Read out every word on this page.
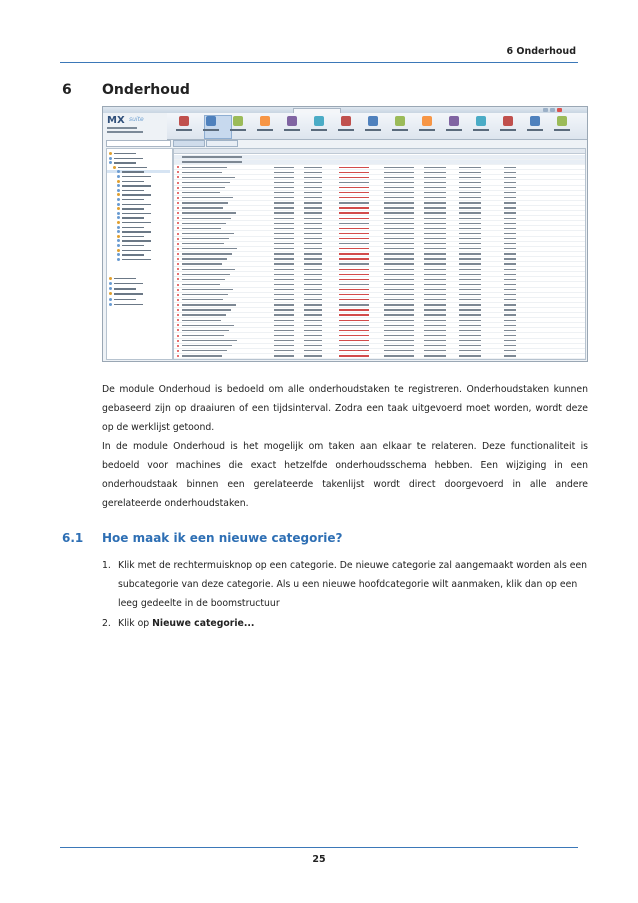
6 Onderhoud
6 Onderhoud
MX suite

De module Onderhoud is bedoeld om alle onderhoudstaken te registreren. Onderhoudstaken kunnen gebaseerd zijn op draaiuren of een tijdsinterval. Zodra een taak uitgevoerd moet worden, wordt deze op de werklijst getoond.

In de module Onderhoud is het mogelijk om taken aan elkaar te relateren. Deze functionaliteit is bedoeld voor machines die exact hetzelfde onderhoudsschema hebben. Een wijziging in een onderhoudstaak binnen een gerelateerde takenlijst wordt direct doorgevoerd in alle andere gerelateerde onderhoudstaken.

6.1 Hoe maak ik een nieuwe categorie?
1. Klik met de rechtermuisknop op een categorie. De nieuwe categorie zal aangemaakt worden als een subcategorie van deze categorie. Als u een nieuwe hoofdcategorie wilt aanmaken, klik dan op een leeg gedeelte in de boomstructuur
2. Klik op Nieuwe categorie...
25
